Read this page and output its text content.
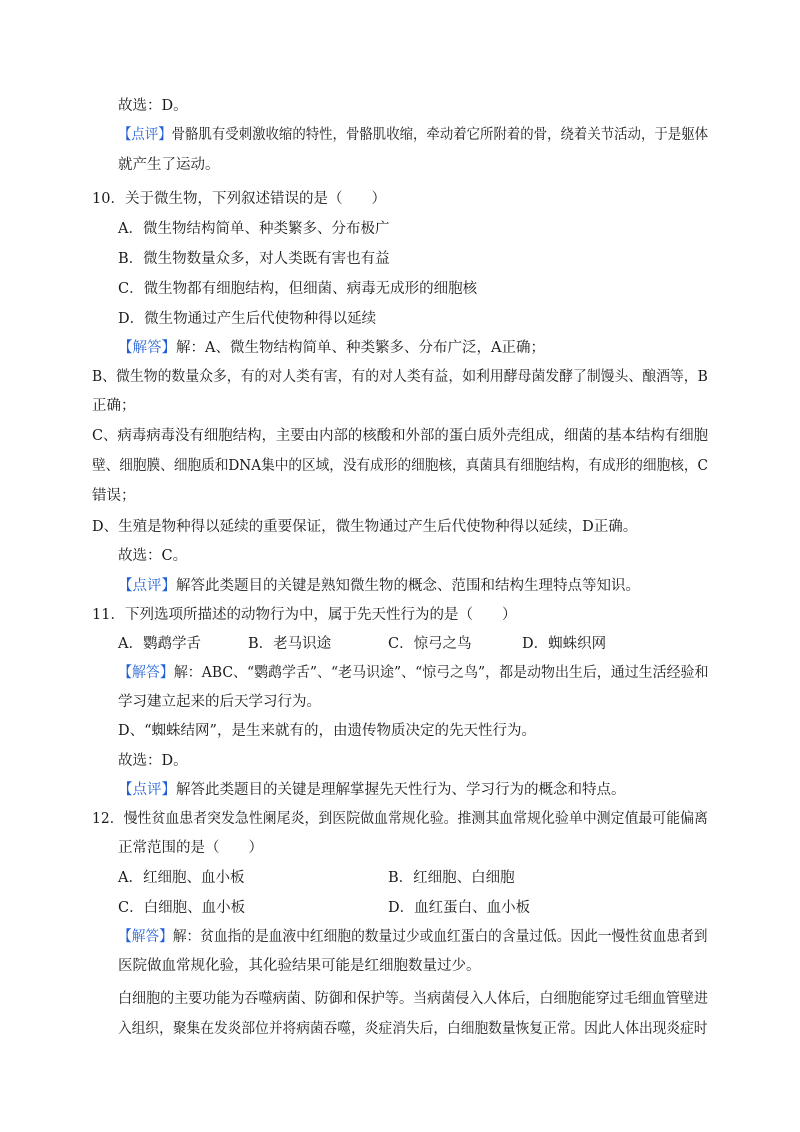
故选：D。
【点评】骨骼肌有受刺激收缩的特性，骨骼肌收缩，牵动着它所附着的骨，绕着关节活动，于是躯体
就产生了运动。
10．关于微生物，下列叙述错误的是（　　）
A．微生物结构简单、种类繁多、分布极广
B．微生物数量众多，对人类既有害也有益
C．微生物都有细胞结构，但细菌、病毒无成形的细胞核
D．微生物通过产生后代使物种得以延续
【解答】解：A、微生物结构简单、种类繁多、分布广泛，A正确；
B、微生物的数量众多，有的对人类有害，有的对人类有益，如利用酵母菌发酵了制馒头、酿酒等，B
正确；
C、病毒病毒没有细胞结构，主要由内部的核酸和外部的蛋白质外壳组成，细菌的基本结构有细胞
壁、细胞膜、细胞质和DNA集中的区域，没有成形的细胞核，真菌具有细胞结构，有成形的细胞核，C
错误；
D、生殖是物种得以延续的重要保证，微生物通过产生后代使物种得以延续，D正确。
故选：C。
【点评】解答此类题目的关键是熟知微生物的概念、范围和结构生理特点等知识。
11．下列选项所描述的动物行为中，属于先天性行为的是（　　）
A．鹦鹉学舌	B．老马识途	C．惊弓之鸟	D．蜘蛛织网
【解答】解：ABC、“鹦鹉学舌”、“老马识途”、“惊弓之鸟”，都是动物出生后，通过生活经验和
学习建立起来的后天学习行为。
D、“蜘蛛结网”，是生来就有的，由遗传物质决定的先天性行为。
故选：D。
【点评】解答此类题目的关键是理解掌握先天性行为、学习行为的概念和特点。
12．慢性贫血患者突发急性阑尾炎，到医院做血常规化验。推测其血常规化验单中测定值最可能偏离
正常范围的是（　　）
A．红细胞、血小板	B．红细胞、白细胞
C．白细胞、血小板	D．血红蛋白、血小板
【解答】解：贫血指的是血液中红细胞的数量过少或血红蛋白的含量过低。因此一慢性贫血患者到
医院做血常规化验，其化验结果可能是红细胞数量过少。
白细胞的主要功能为吞噬病菌、防御和保护等。当病菌侵入人体后，白细胞能穿过毛细血管壁进
入组织，聚集在发炎部位并将病菌吞噬，炎症消失后，白细胞数量恢复正常。因此人体出现炎症时
